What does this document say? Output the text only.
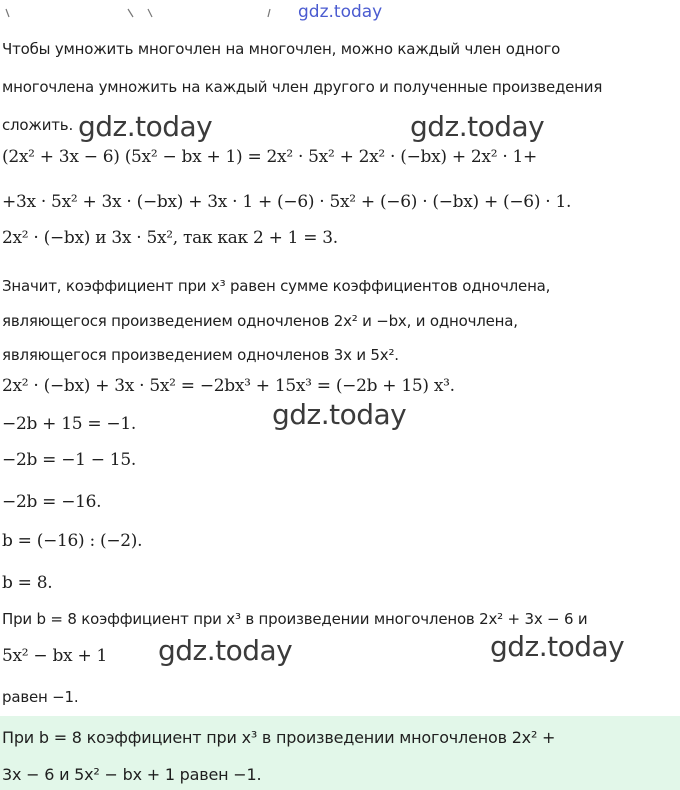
gdz.today
Чтобы умножить многочлен на многочлен, можно каждый член одного
многочлена умножить на каждый член другого и полученные произведения
сложить. gdz.today	gdz.today
(2x² + 3x − 6) (5x² − bx + 1) = 2x² · 5x² + 2x² · (−bx) + 2x² · 1+
+3x · 5x² + 3x · (−bx) + 3x · 1 + (−6) · 5x² + (−6) · (−bx) + (−6) · 1.
2x² · (−bx) и 3x · 5x², так как 2 + 1 = 3.
Значит, коэффициент при x³ равен сумме коэффициентов одночлена,
являющегося произведением одночленов 2x² и −bx, и одночлена,
являющегося произведением одночленов 3x и 5x².
2x² · (−bx) + 3x · 5x² = −2bx³ + 15x³ = (−2b + 15) x³.
gdz.today
−2b + 15 = −1.
−2b = −1 − 15.
−2b = −16.
b = (−16) : (−2).
b = 8.
При b = 8 коэффициент при x³ в произведении многочленов 2x² + 3x − 6 и
5x² − bx + 1 gdz.today	gdz.today
равен −1.
При b = 8 коэффициент при x³ в произведении многочленов 2x² +
3x − 6 и 5x² − bx + 1 равен −1.
